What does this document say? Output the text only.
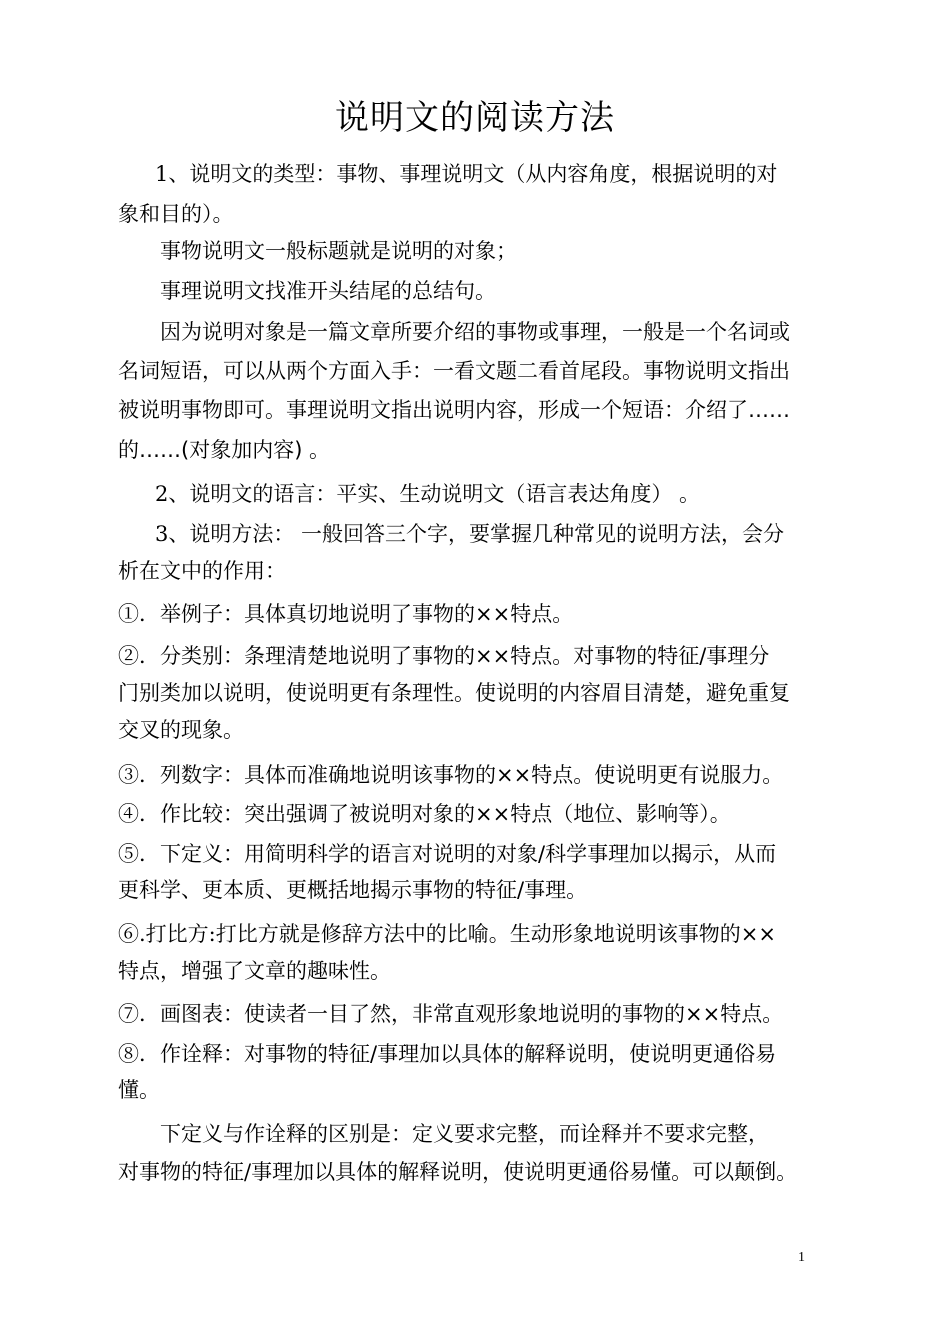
说明文的阅读方法
1、说明文的类型：事物、事理说明文（从内容角度，根据说明的对
象和目的）。
事物说明文一般标题就是说明的对象；
事理说明文找准开头结尾的总结句。
因为说明对象是一篇文章所要介绍的事物或事理，一般是一个名词或
名词短语，可以从两个方面入手：一看文题二看首尾段。事物说明文指出
被说明事物即可。事理说明文指出说明内容，形成一个短语：介绍了……
的……(对象加内容) 。
2、说明文的语言：平实、生动说明文（语言表达角度） 。
3、说明方法： 一般回答三个字，要掌握几种常见的说明方法，会分
析在文中的作用：
①．举例子：具体真切地说明了事物的××特点。
②．分类别：条理清楚地说明了事物的××特点。对事物的特征/事理分
门别类加以说明，使说明更有条理性。使说明的内容眉目清楚，避免重复
交叉的现象。
③．列数字：具体而准确地说明该事物的××特点。使说明更有说服力。
④．作比较：突出强调了被说明对象的××特点（地位、影响等）。
⑤．下定义：用简明科学的语言对说明的对象/科学事理加以揭示，从而
更科学、更本质、更概括地揭示事物的特征/事理。
⑥.打比方:打比方就是修辞方法中的比喻。生动形象地说明该事物的××
特点，增强了文章的趣味性。
⑦．画图表：使读者一目了然，非常直观形象地说明的事物的××特点。
⑧．作诠释：对事物的特征/事理加以具体的解释说明，使说明更通俗易
懂。
下定义与作诠释的区别是：定义要求完整，而诠释并不要求完整，
对事物的特征/事理加以具体的解释说明，使说明更通俗易懂。可以颠倒。
1
